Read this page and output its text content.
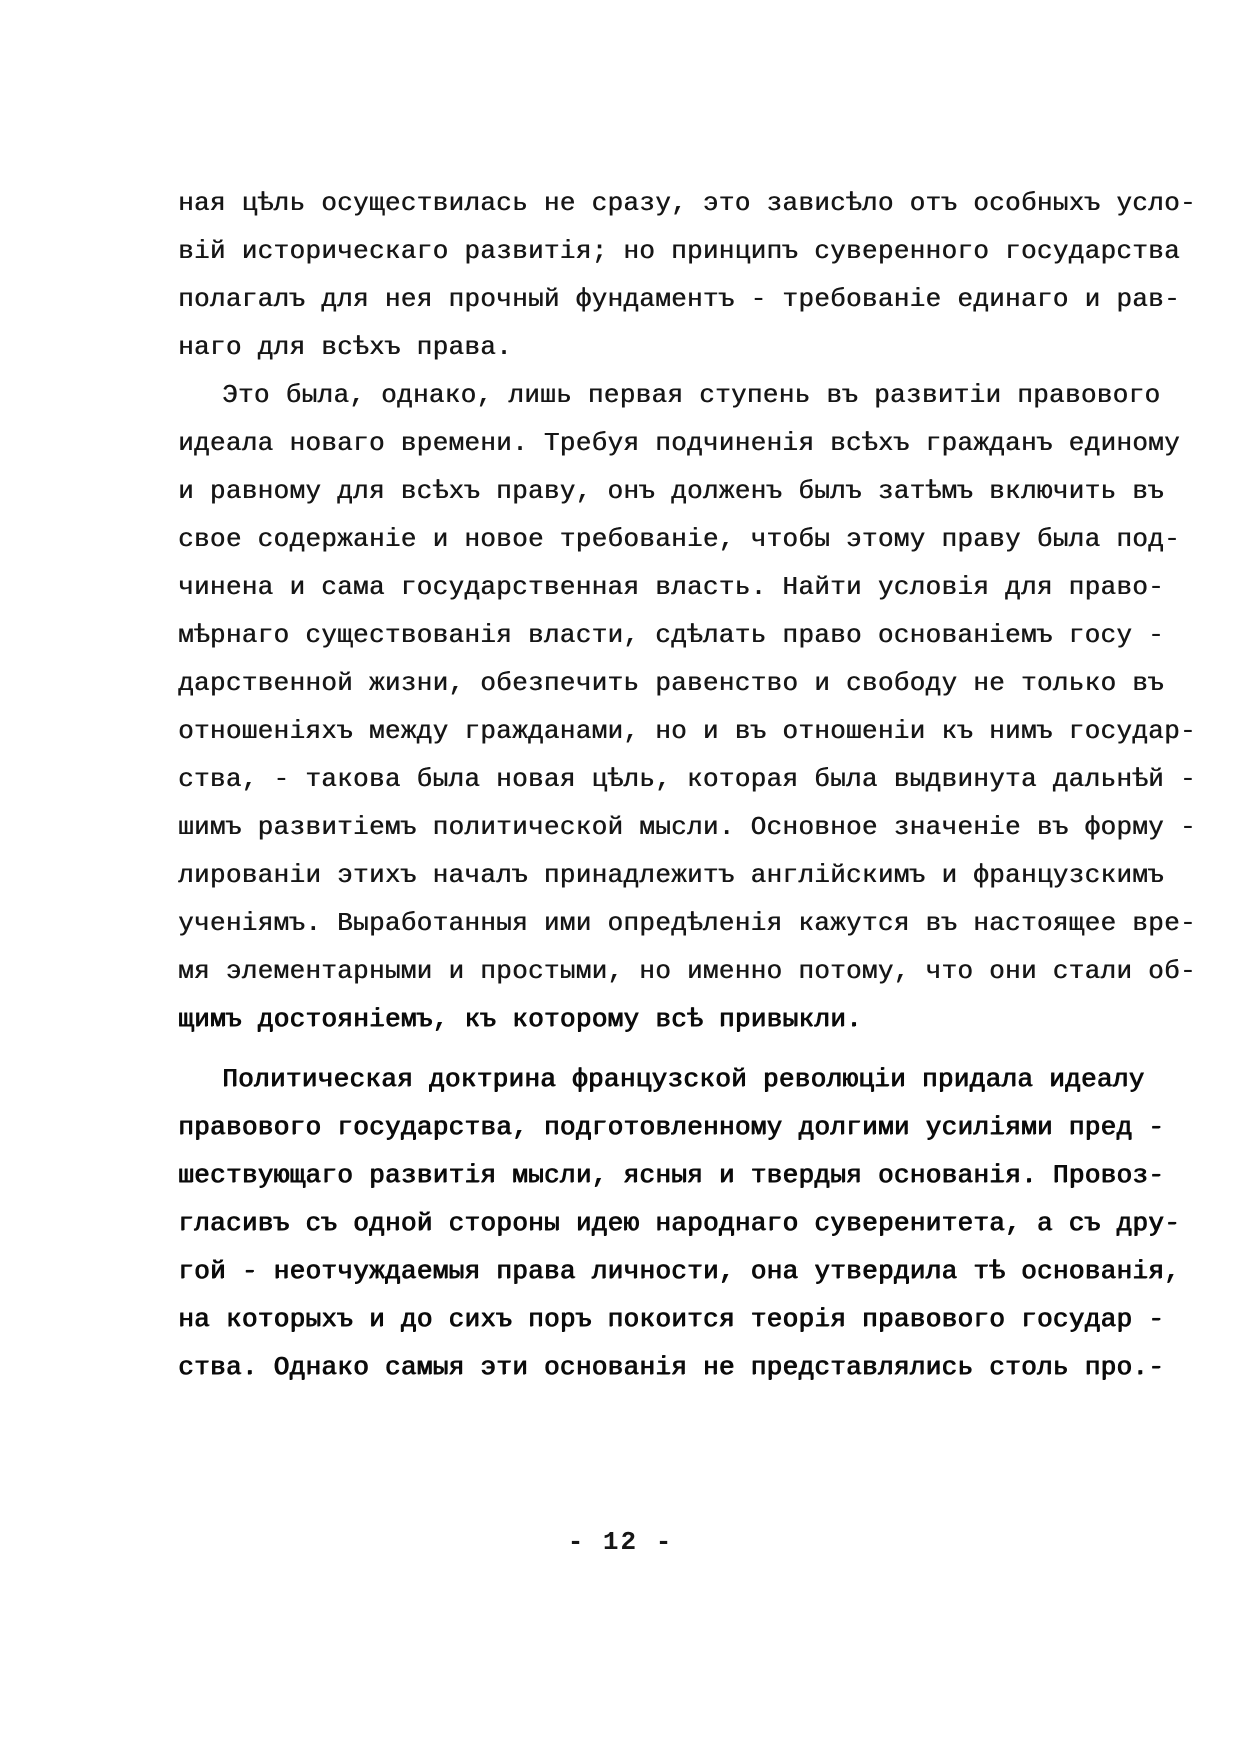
ная цѣль осуществилась не сразу, это зависѣло отъ особныхъ усло-
вій историческаго развитія; но принципъ суверенного государства
полагалъ для нея прочный фундаментъ - требованіе единаго и рав-
наго для всѣхъ права.
Это была, однако, лишь первая ступень въ развитіи правового
идеала новаго времени. Требуя подчиненія всѣхъ гражданъ единому
и равному для всѣхъ праву, онъ долженъ былъ затѣмъ включить въ
свое содержаніе и новое требованіе, чтобы этому праву была под-
чинена и сама государственная власть. Найти условія для право-
мѣрнаго существованія власти, сдѣлать право основаніемъ госу -
дарственной жизни, обезпечить равенство и свободу не только въ
отношеніяхъ между гражданами, но и въ отношеніи къ нимъ государ-
ства, - такова была новая цѣль, которая была выдвинута дальнѣй -
шимъ развитіемъ политической мысли. Основное значеніе въ форму -
лированіи этихъ началъ принадлежитъ англійскимъ и французскимъ
ученіямъ. Выработанныя ими опредѣленія кажутся въ настоящее вре-
мя элементарными и простыми, но именно потому, что они стали об-
щимъ достояніемъ, къ которому всѣ привыкли.
Политическая доктрина французской революціи придала идеалу
правового государства, подготовленному долгими усиліями пред -
шествующаго развитія мысли, ясныя и твердыя основанія. Провоз-
гласивъ съ одной стороны идею народнаго суверенитета, а съ дру-
гой - неотчуждаемыя права личности, она утвердила тѣ основанія,
на которыхъ и до сихъ поръ покоится теорія правового государ -
ства. Однако самыя эти основанія не представлялись столь про.-
- 12 -
